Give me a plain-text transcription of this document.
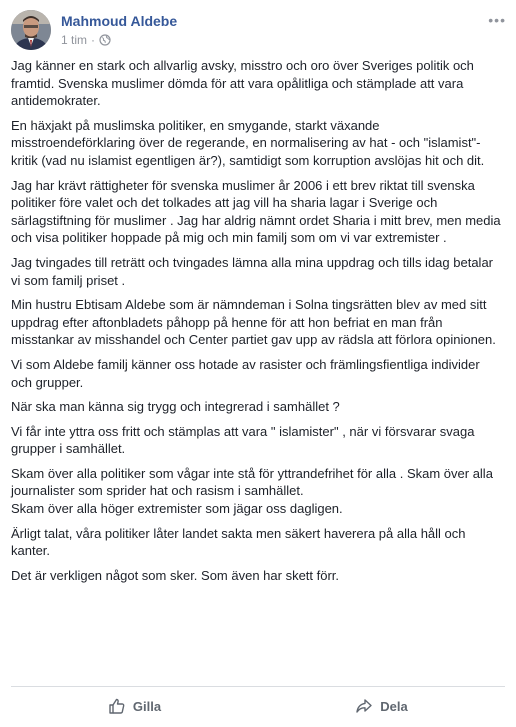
Mahmoud Aldebe
1 tim ·
•••

Jag känner en stark och allvarlig avsky, misstro och oro över Sveriges politik och framtid. Svenska muslimer dömda för att vara opålitliga och stämplade att vara antidemokrater.

En häxjakt på muslimska politiker, en smygande, starkt växande misstroendeförklaring över de regerande, en normalisering av hat - och "islamist"-kritik (vad nu islamist egentligen är?), samtidigt som korruption avslöjas hit och dit.

Jag har krävt rättigheter för svenska muslimer år 2006 i ett brev riktat till svenska politiker före valet och det tolkades att jag vill ha sharia lagar i Sverige och särlagstiftning för muslimer . Jag har aldrig nämnt ordet Sharia i mitt brev, men media och visa politiker hoppade på mig och min familj som om vi var extremister .

Jag tvingades till reträtt och tvingades lämna alla mina uppdrag och tills idag betalar vi som familj priset .

Min hustru Ebtisam Aldebe som är nämndeman i Solna tingsrätten blev av med sitt uppdrag efter aftonbladets påhopp på henne för att hon befriat en man från misstankar av misshandel och Center partiet gav upp av rädsla att förlora opinionen.

Vi som Aldebe familj känner oss hotade av rasister och främlingsfientliga individer och grupper.

När ska man känna sig trygg och integrerad i samhället ?

Vi får inte yttra oss fritt och stämplas att vara " islamister" , när vi försvarar svaga grupper i samhället.

Skam över alla politiker som vågar inte stå för yttrandefrihet för alla . Skam över alla journalister som sprider hat och rasism i samhället.
Skam över alla höger extremister som jägar oss dagligen.

Ärligt talat, våra politiker låter landet sakta men säkert haverera på alla håll och kanter.

Det är verkligen något som sker. Som även har skett förr.

Gilla	Dela
